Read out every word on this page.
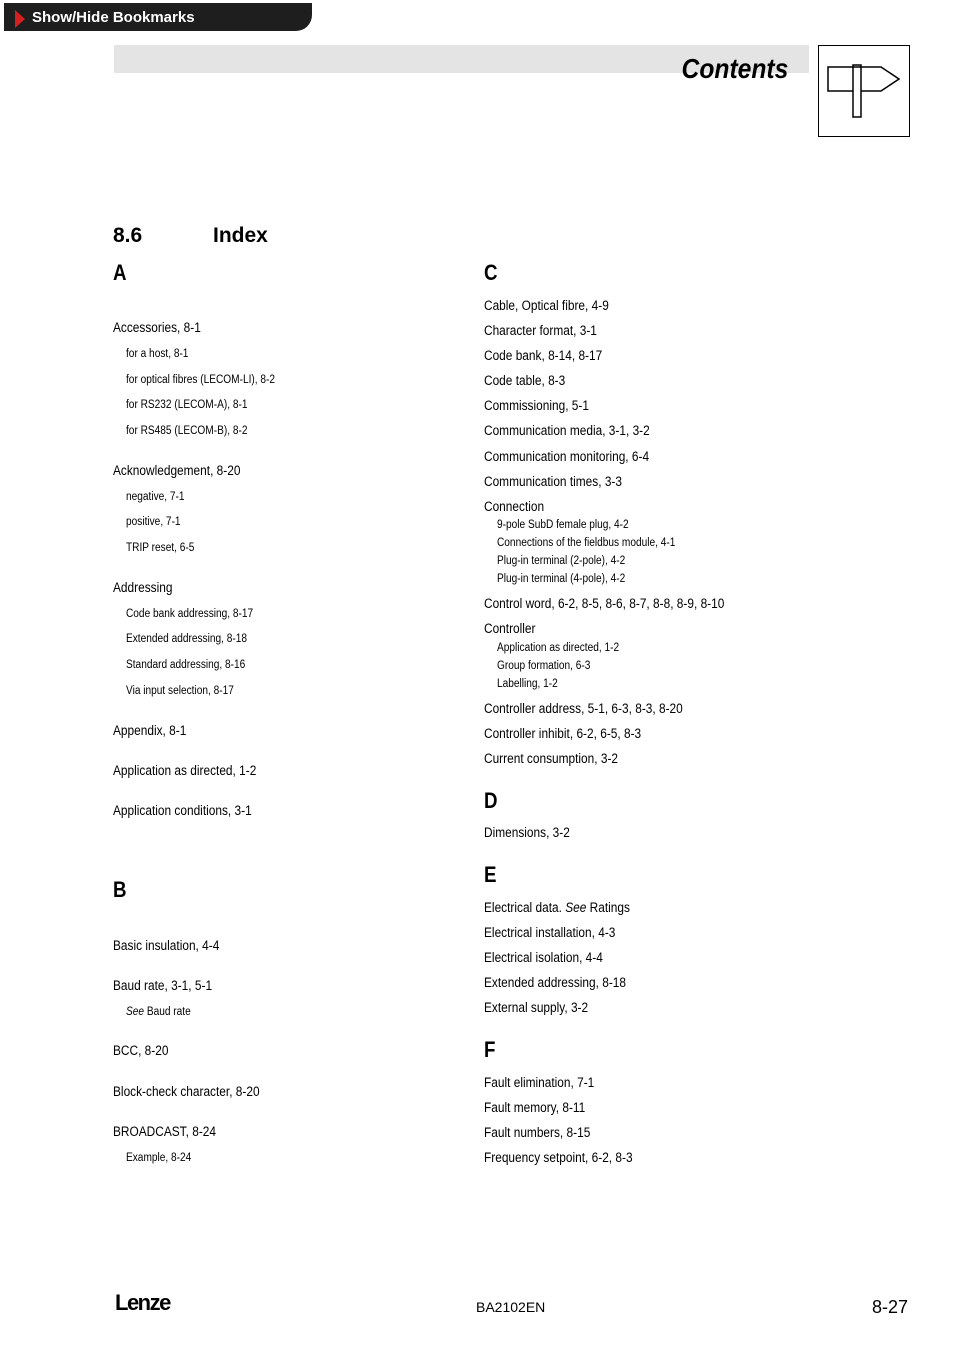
Show/Hide Bookmarks
Contents
8.6	Index
A
Accessories, 8-1
for a host, 8-1
for optical fibres (LECOM-LI), 8-2
for RS232 (LECOM-A), 8-1
for RS485 (LECOM-B), 8-2
Acknowledgement, 8-20
negative, 7-1
positive, 7-1
TRIP reset, 6-5
Addressing
Code bank addressing, 8-17
Extended addressing, 8-18
Standard addressing, 8-16
Via input selection, 8-17
Appendix, 8-1
Application as directed, 1-2
Application conditions, 3-1
B
Basic insulation, 4-4
Baud rate, 3-1, 5-1
See Baud rate
BCC, 8-20
Block-check character, 8-20
BROADCAST, 8-24
Example, 8-24
C
Cable, Optical fibre, 4-9
Character format, 3-1
Code bank, 8-14, 8-17
Code table, 8-3
Commissioning, 5-1
Communication media, 3-1, 3-2
Communication monitoring, 6-4
Communication times, 3-3
Connection
9-pole SubD female plug, 4-2
Connections of the fieldbus module, 4-1
Plug-in terminal (2-pole), 4-2
Plug-in terminal (4-pole), 4-2
Control word, 6-2, 8-5, 8-6, 8-7, 8-8, 8-9, 8-10
Controller
Application as directed, 1-2
Group formation, 6-3
Labelling, 1-2
Controller address, 5-1, 6-3, 8-3, 8-20
Controller inhibit, 6-2, 6-5, 8-3
Current consumption, 3-2
D
Dimensions, 3-2
E
Electrical data. See Ratings
Electrical installation, 4-3
Electrical isolation, 4-4
Extended addressing, 8-18
External supply, 3-2
F
Fault elimination, 7-1
Fault memory, 8-11
Fault numbers, 8-15
Frequency setpoint, 6-2, 8-3
Lenze	BA2102EN	8-27
